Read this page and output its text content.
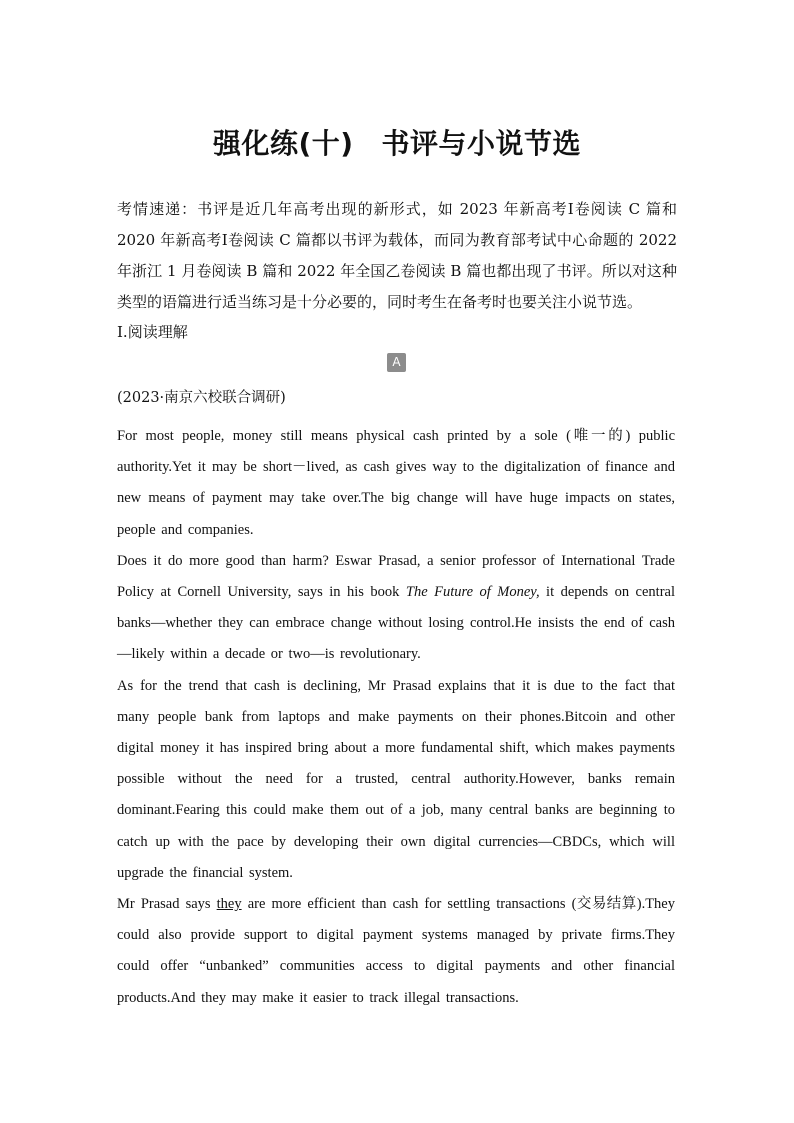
强化练(十) 书评与小说节选
考情速递：书评是近几年高考出现的新形式，如 2023 年新高考Ⅰ卷阅读 C 篇和 2020 年新高考Ⅰ卷阅读 C 篇都以书评为载体，而同为教育部考试中心命题的 2022 年浙江 1 月卷阅读 B 篇和 2022 年全国乙卷阅读 B 篇也都出现了书评。所以对这种类型的语篇进行适当练习是十分必要的，同时考生在备考时也要关注小说节选。
Ⅰ.阅读理解
A
(2023·南京六校联合调研)

For most people, money still means physical cash printed by a sole (唯一的) public authority.Yet it may be short－lived, as cash gives way to the digitalization of finance and new means of payment may take over.The big change will have huge impacts on states, people and companies.

Does it do more good than harm? Eswar Prasad, a senior professor of International Trade Policy at Cornell University, says in his book The Future of Money, it depends on central banks—whether they can embrace change without losing control.He insists the end of cash—likely within a decade or two—is revolutionary.

As for the trend that cash is declining, Mr Prasad explains that it is due to the fact that many people bank from laptops and make payments on their phones.Bitcoin and other digital money it has inspired bring about a more fundamental shift, which makes payments possible without the need for a trusted, central authority.However, banks remain dominant.Fearing this could make them out of a job, many central banks are beginning to catch up with the pace by developing their own digital currencies—CBDCs, which will upgrade the financial system.

Mr Prasad says they are more efficient than cash for settling transactions (交易结算).They could also provide support to digital payment systems managed by private firms.They could offer “unbanked” communities access to digital payments and other financial products.And they may make it easier to track illegal transactions.
